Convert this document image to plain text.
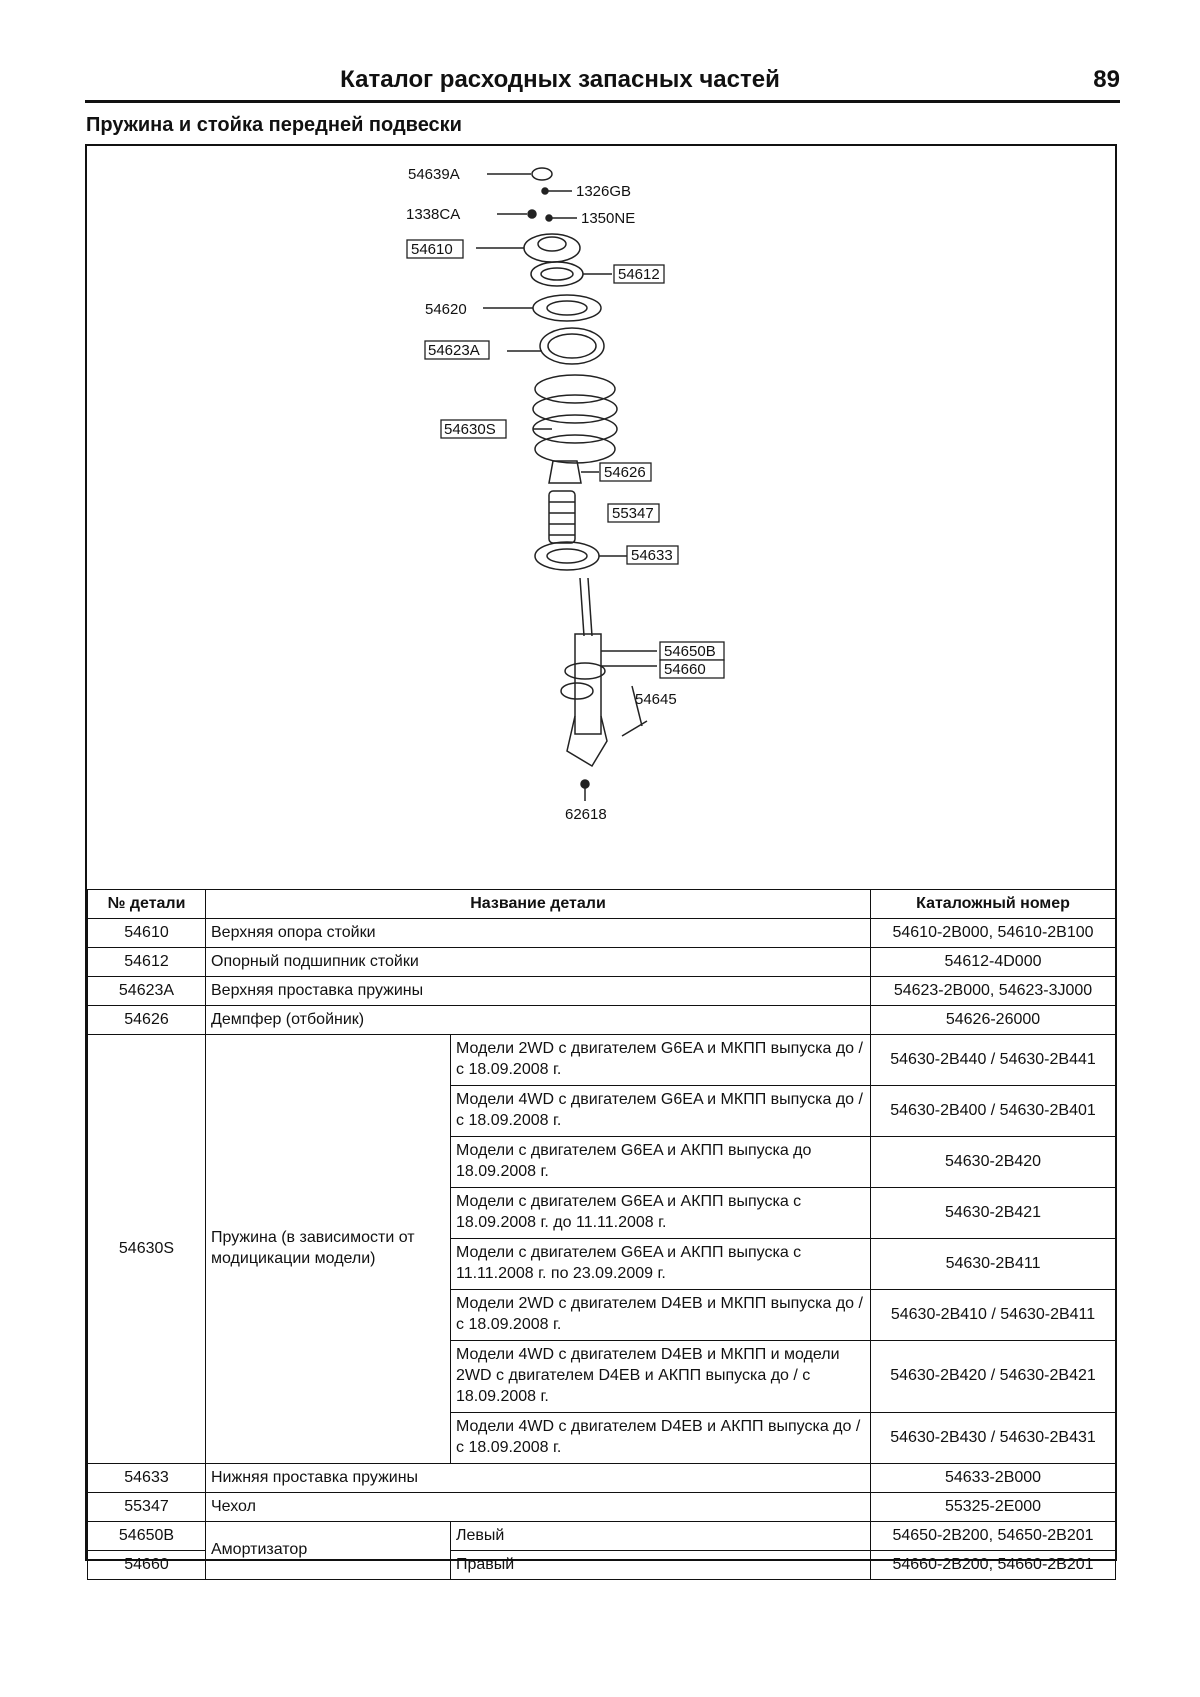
Каталог расходных запасных частей	89
Пружина и стойка передней подвески
54639A
1326GB
1338CA	1350NE
54610
54612
54620
54623A
54630S
54626
55347
54633
54650B
54660
54645
62618
№ детали	Название детали		Каталожный номер
54610	Верхняя опора стойки		54610-2B000, 54610-2B100
54612	Опорный подшипник стойки		54612-4D000
54623A	Верхняя проставка пружины		54623-2B000, 54623-3J000
54626	Демпфер (отбойник)		54626-26000
54630S	Пружина (в зависимости от модицикации модели)	Модели 2WD с двигателем G6EA и МКПП выпуска до / с 18.09.2008 г.	54630-2B440 / 54630-2B441
		Модели 4WD с двигателем G6EA и МКПП выпуска до / с 18.09.2008 г.	54630-2B400 / 54630-2B401
		Модели с двигателем G6EA и АКПП выпуска до 18.09.2008 г.	54630-2B420
		Модели с двигателем G6EA и АКПП выпуска с 18.09.2008 г. до 11.11.2008 г.	54630-2B421
		Модели с двигателем G6EA и АКПП выпуска с 11.11.2008 г. по 23.09.2009 г.	54630-2B411
		Модели 2WD с двигателем D4EB и МКПП выпуска до / с 18.09.2008 г.	54630-2B410 / 54630-2B411
		Модели 4WD с двигателем D4EB и МКПП и модели 2WD с двигателем D4EB и АКПП выпуска до / с 18.09.2008 г.	54630-2B420 / 54630-2B421
		Модели 4WD с двигателем D4EB и АКПП выпуска до / с 18.09.2008 г.	54630-2B430 / 54630-2B431
54633	Нижняя проставка пружины		54633-2B000
55347	Чехол		55325-2E000
54650B	Амортизатор	Левый	54650-2B200, 54650-2B201
54660		Правый	54660-2B200, 54660-2B201
